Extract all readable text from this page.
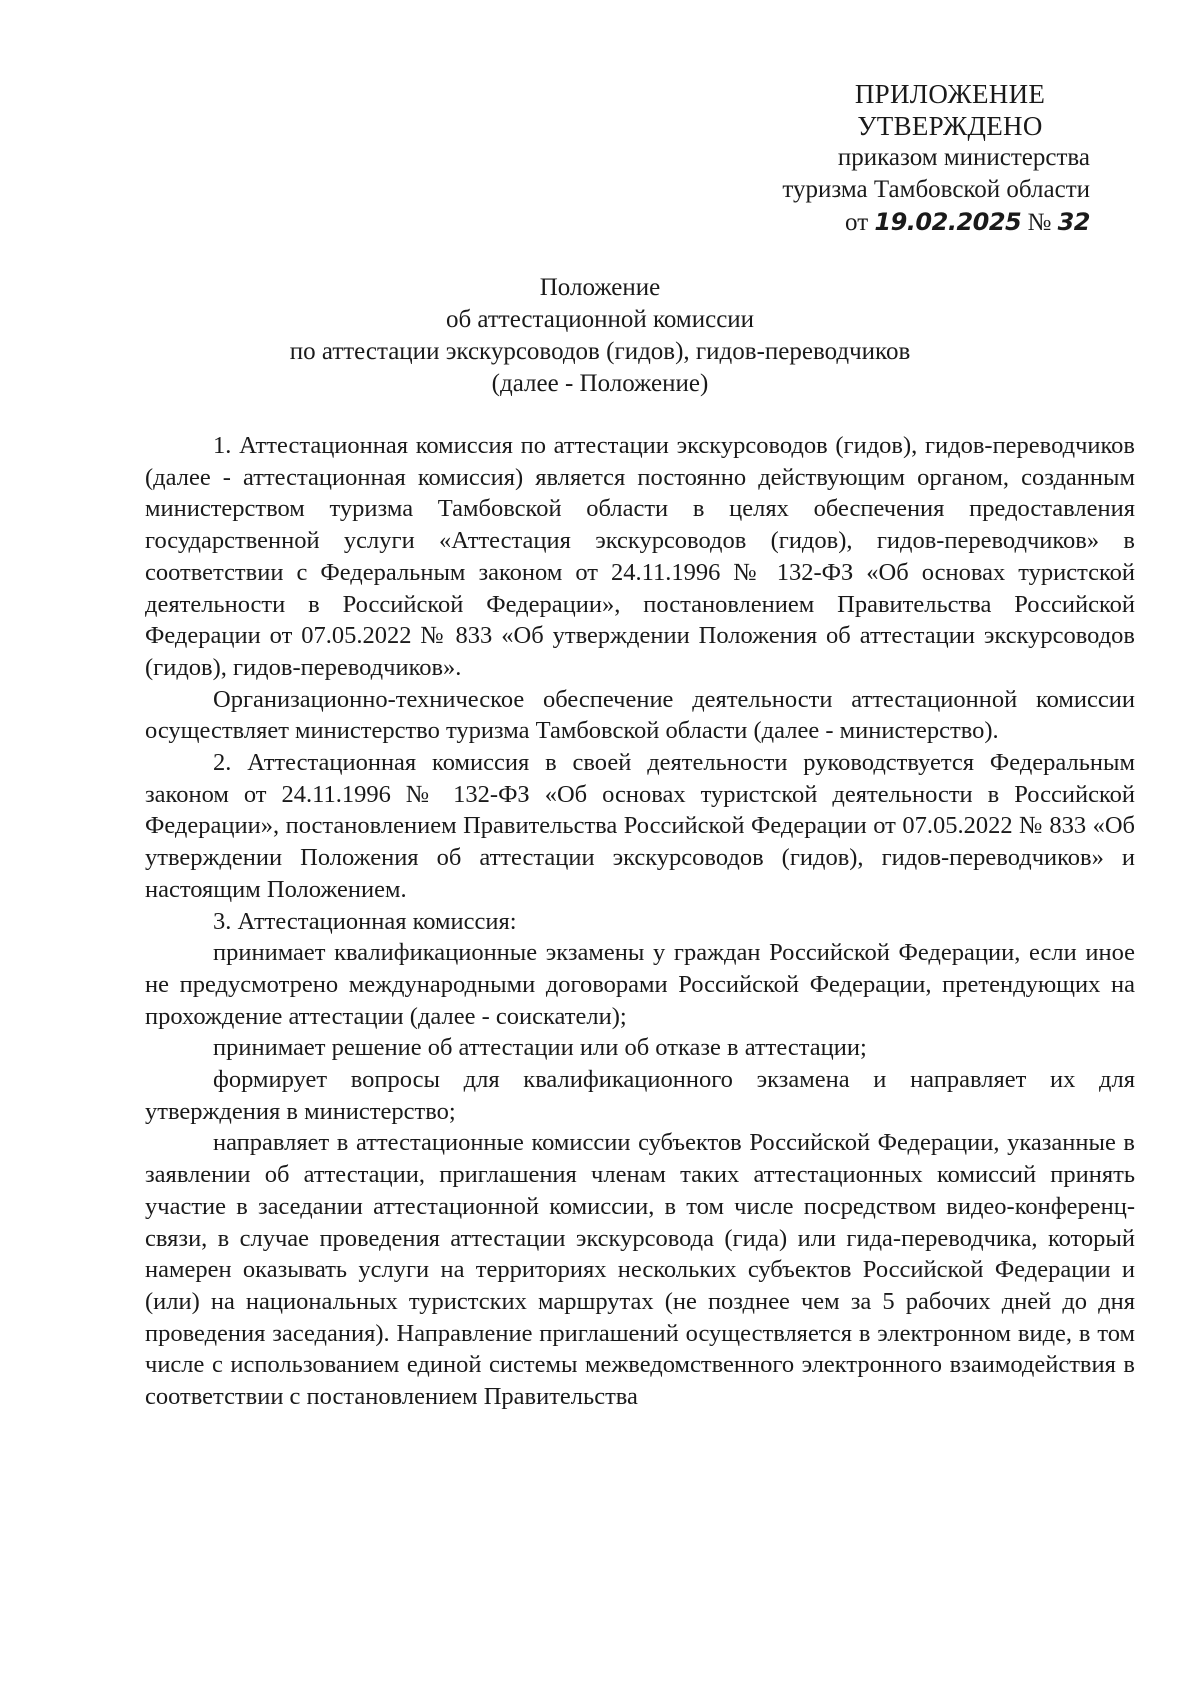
ПРИЛОЖЕНИЕ
УТВЕРЖДЕНО
приказом министерства
туризма Тамбовской области
от 19.02.2025 № 32
Положение
об аттестационной комиссии
по аттестации экскурсоводов (гидов), гидов-переводчиков
(далее - Положение)

1. Аттестационная комиссия по аттестации экскурсоводов (гидов), гидов-переводчиков (далее - аттестационная комиссия) является постоянно действующим органом, созданным министерством туризма Тамбовской области в целях обеспечения предоставления государственной услуги «Аттестация экскурсоводов (гидов), гидов-переводчиков» в соответствии с Федеральным законом от 24.11.1996 № 132-ФЗ «Об основах туристской деятельности в Российской Федерации», постановлением Правительства Российской Федерации от 07.05.2022 № 833 «Об утверждении Положения об аттестации экскурсоводов (гидов), гидов-переводчиков».

Организационно-техническое обеспечение деятельности аттестационной комиссии осуществляет министерство туризма Тамбовской области (далее - министерство).

2. Аттестационная комиссия в своей деятельности руководствуется Федеральным законом от 24.11.1996 № 132-ФЗ «Об основах туристской деятельности в Российской Федерации», постановлением Правительства Российской Федерации от 07.05.2022 № 833 «Об утверждении Положения об аттестации экскурсоводов (гидов), гидов-переводчиков» и настоящим Положением.

3. Аттестационная комиссия:

принимает квалификационные экзамены у граждан Российской Федерации, если иное не предусмотрено международными договорами Российской Федерации, претендующих на прохождение аттестации (далее - соискатели);

принимает решение об аттестации или об отказе в аттестации;

формирует вопросы для квалификационного экзамена и направляет их для утверждения в министерство;

направляет в аттестационные комиссии субъектов Российской Федерации, указанные в заявлении об аттестации, приглашения членам таких аттестационных комиссий принять участие в заседании аттестационной комиссии, в том числе посредством видео-конференц-связи, в случае проведения аттестации экскурсовода (гида) или гида-переводчика, который намерен оказывать услуги на территориях нескольких субъектов Российской Федерации и (или) на национальных туристских маршрутах (не позднее чем за 5 рабочих дней до дня проведения заседания). Направление приглашений осуществляется в электронном виде, в том числе с использованием единой системы межведомственного электронного взаимодействия в соответствии с постановлением Правительства
